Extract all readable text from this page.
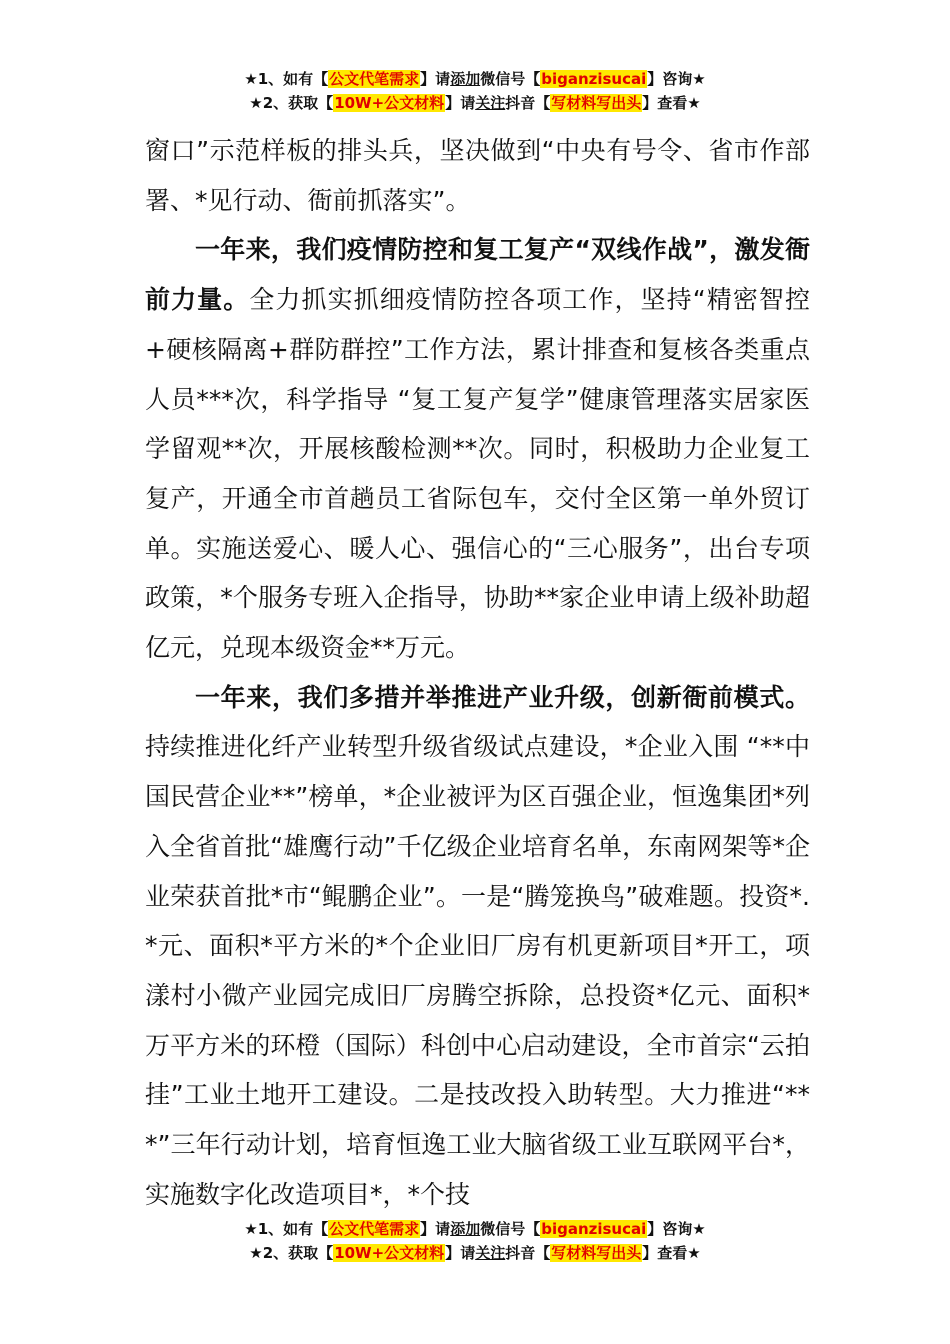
★1、如有【公文代笔需求】请添加微信号【biganzisucai】咨询★
★2、获取【10W+公文材料】请关注抖音【写材料写出头】查看★

窗口”示范样板的排头兵，坚决做到“中央有号令、省市作部署、*见行动、衙前抓落实”。

一年来，我们疫情防控和复工复产“双线作战”，激发衙前力量。全力抓实抓细疫情防控各项工作，坚持“精密智控+硬核隔离+群防群控”工作方法，累计排查和复核各类重点人员***次，科学指导 “复工复产复学”健康管理落实居家医学留观**次，开展核酸检测**次。同时，积极助力企业复工复产，开通全市首趟员工省际包车，交付全区第一单外贸订单。实施送爱心、暖人心、强信心的“三心服务”，出台专项政策，*个服务专班入企指导，协助**家企业申请上级补助超亿元，兑现本级资金**万元。

一年来，我们多措并举推进产业升级，创新衙前模式。持续推进化纤产业转型升级省级试点建设，*企业入围 “**中国民营企业**”榜单，*企业被评为区百强企业，恒逸集团*列入全省首批“雄鹰行动”千亿级企业培育名单，东南网架等*企业荣获首批*市“鲲鹏企业”。一是“腾笼换鸟”破难题。投资*.*元、面积*平方米的*个企业旧厂房有机更新项目*开工，项漾村小微产业园完成旧厂房腾空拆除，总投资*亿元、面积*万平方米的环橙（国际）科创中心启动建设，全市首宗“云拍挂”工业土地开工建设。二是技改投入助转型。大力推进“***”三年行动计划，培育恒逸工业大脑省级工业互联网平台*，实施数字化改造项目*，*个技

★1、如有【公文代笔需求】请添加微信号【biganzisucai】咨询★
★2、获取【10W+公文材料】请关注抖音【写材料写出头】查看★
